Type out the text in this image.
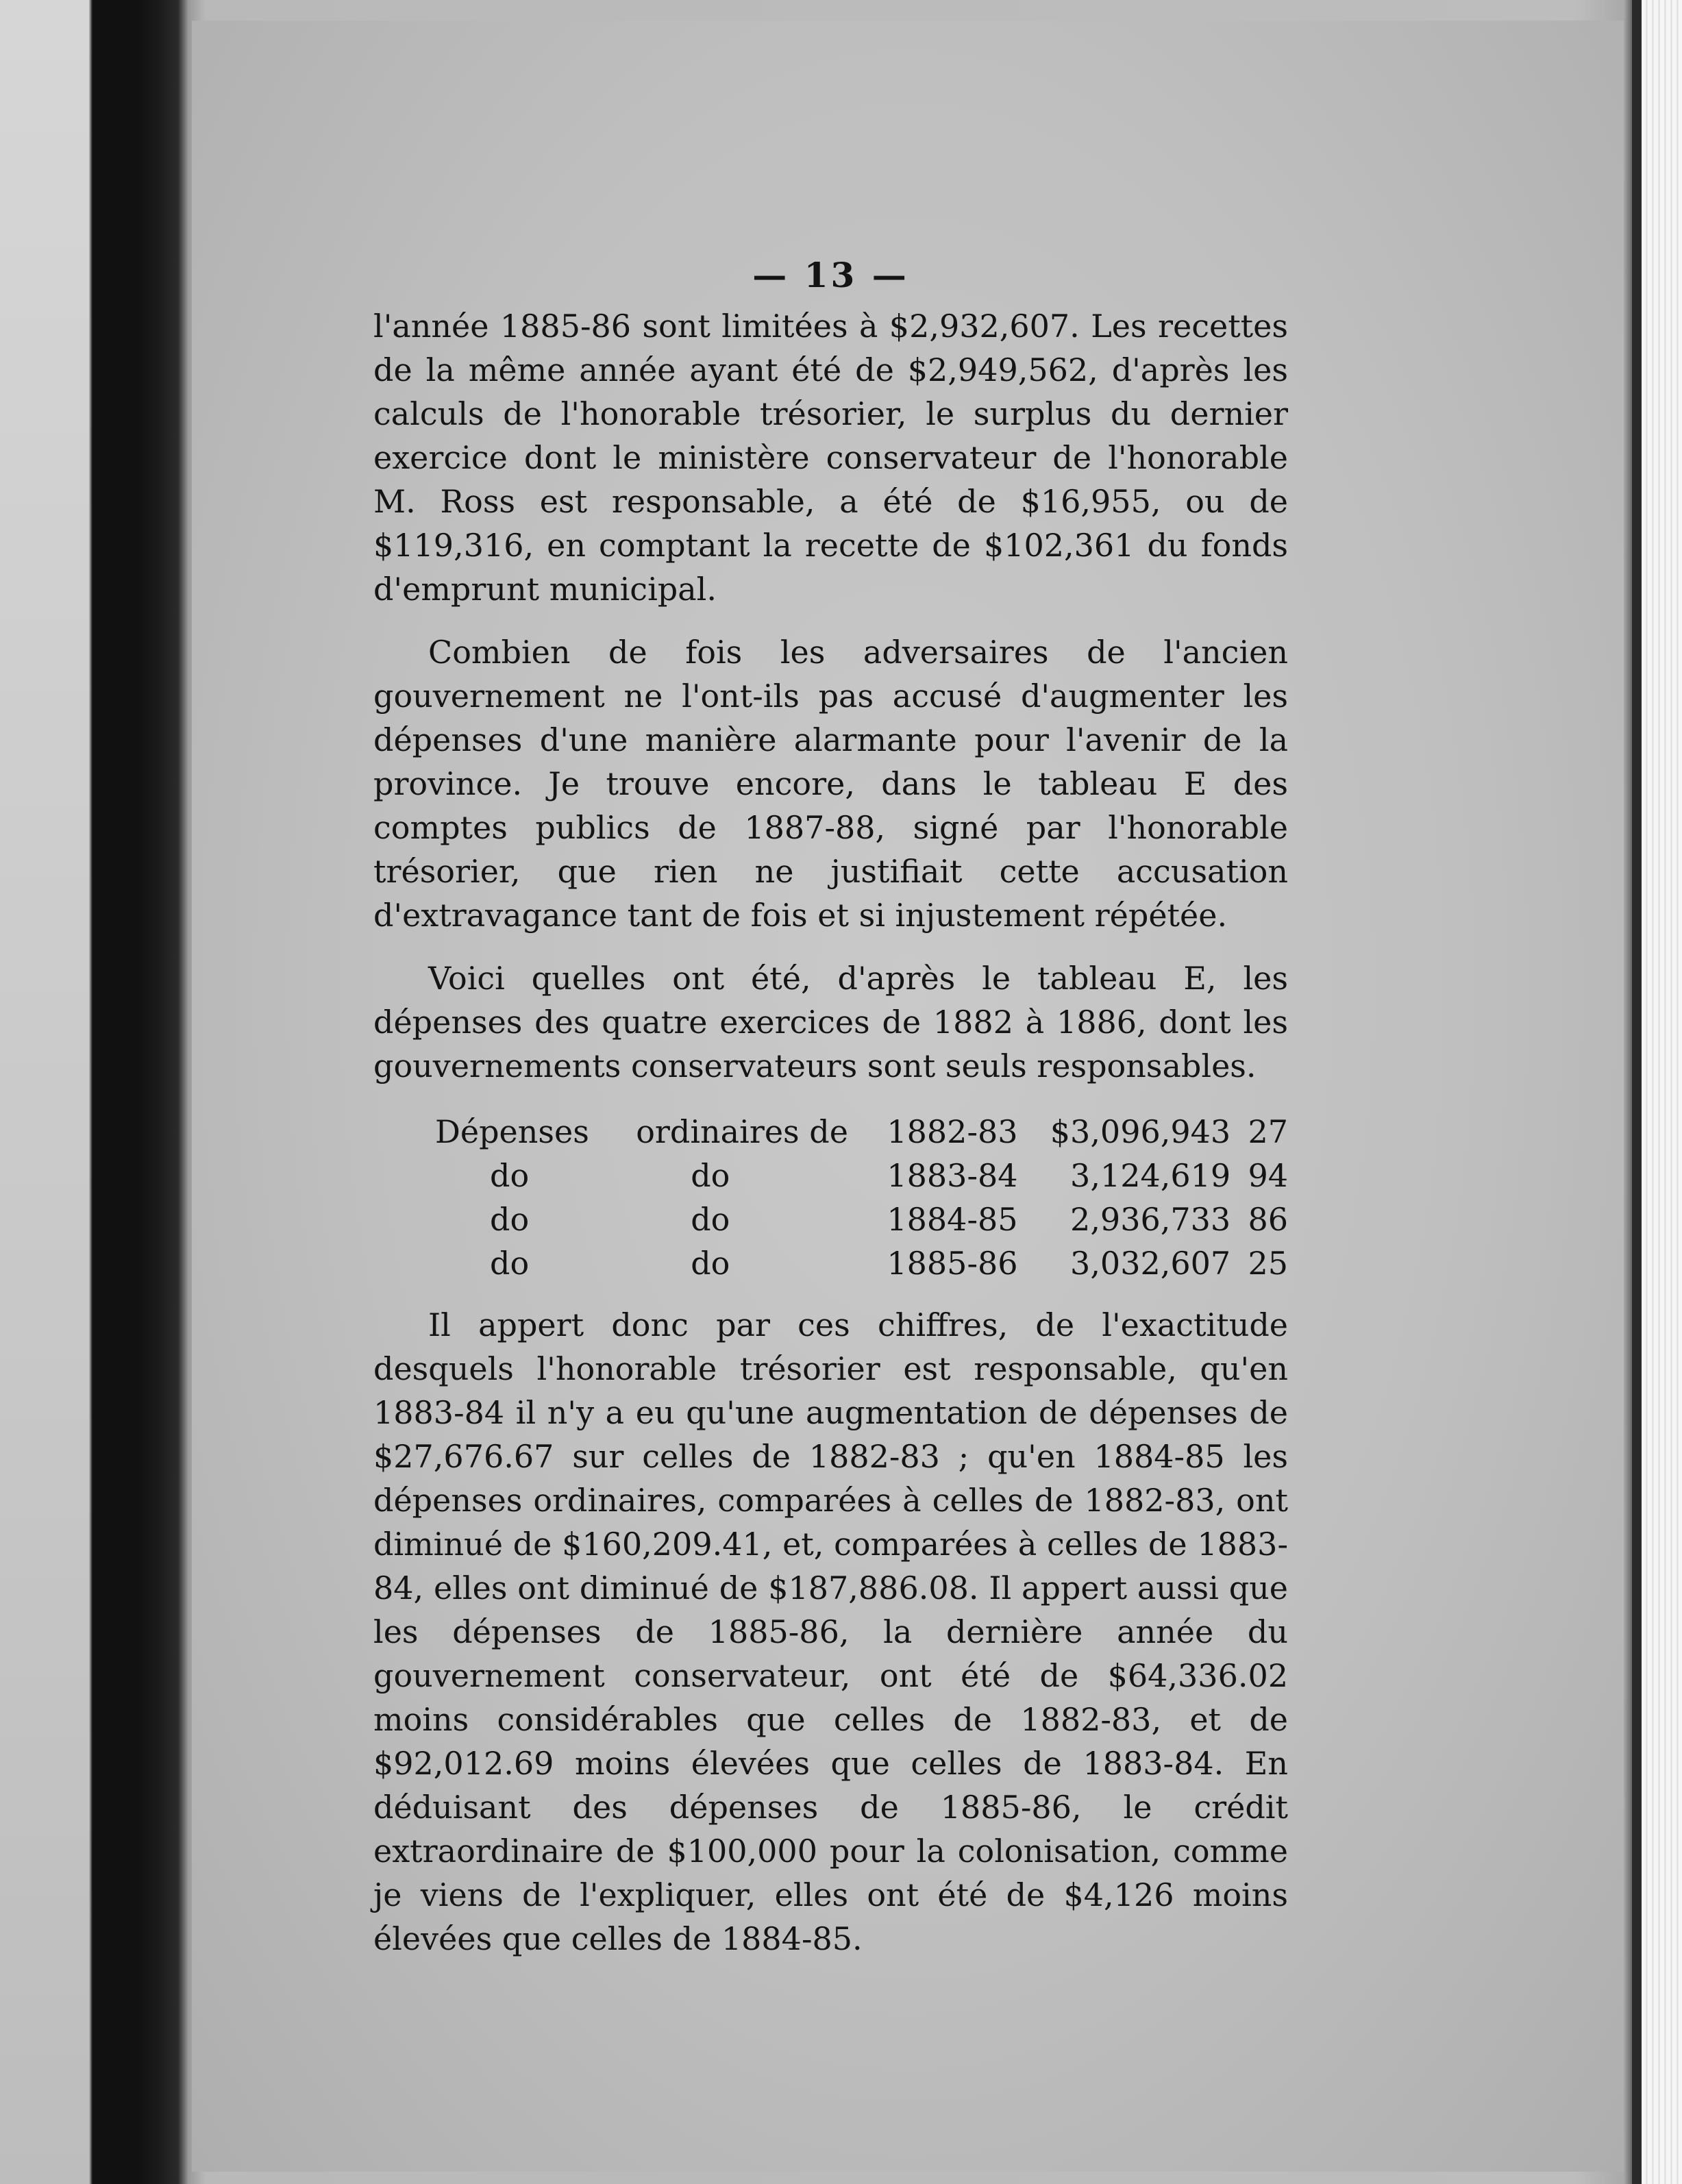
— 13 —

l'année 1885-86 sont limitées à $2,932,607. Les recettes de la même année ayant été de $2,949,562, d'après les calculs de l'honorable trésorier, le surplus du dernier exercice dont le ministère conservateur de l'honorable M. Ross est responsable, a été de $16,955, ou de $119,316, en comptant la recette de $102,361 du fonds d'emprunt municipal.

Combien de fois les adversaires de l'ancien gouvernement ne l'ont-ils pas accusé d'augmenter les dépenses d'une manière alarmante pour l'avenir de la province. Je trouve encore, dans le tableau E des comptes publics de 1887-88, signé par l'honorable trésorier, que rien ne justifiait cette accusation d'extravagance tant de fois et si injustement répétée.

Voici quelles ont été, d'après le tableau E, les dépenses des quatre exercices de 1882 à 1886, dont les gouvernements conservateurs sont seuls responsables.

Dépenses	ordinaires de	1882-83	$3,096,943	27
do	do	1883-84	3,124,619	94
do	do	1884-85	2,936,733	86
do	do	1885-86	3,032,607	25

Il appert donc par ces chiffres, de l'exactitude desquels l'honorable trésorier est responsable, qu'en 1883-84 il n'y a eu qu'une augmentation de dépenses de $27,676.67 sur celles de 1882-83 ; qu'en 1884-85 les dépenses ordinaires, comparées à celles de 1882-83, ont diminué de $160,209.41, et, comparées à celles de 1883-84, elles ont diminué de $187,886.08. Il appert aussi que les dépenses de 1885-86, la dernière année du gouvernement conservateur, ont été de $64,336.02 moins considérables que celles de 1882-83, et de $92,012.69 moins élevées que celles de 1883-84. En déduisant des dépenses de 1885-86, le crédit extraordinaire de $100,000 pour la colonisation, comme je viens de l'expliquer, elles ont été de $4,126 moins élevées que celles de 1884-85.
